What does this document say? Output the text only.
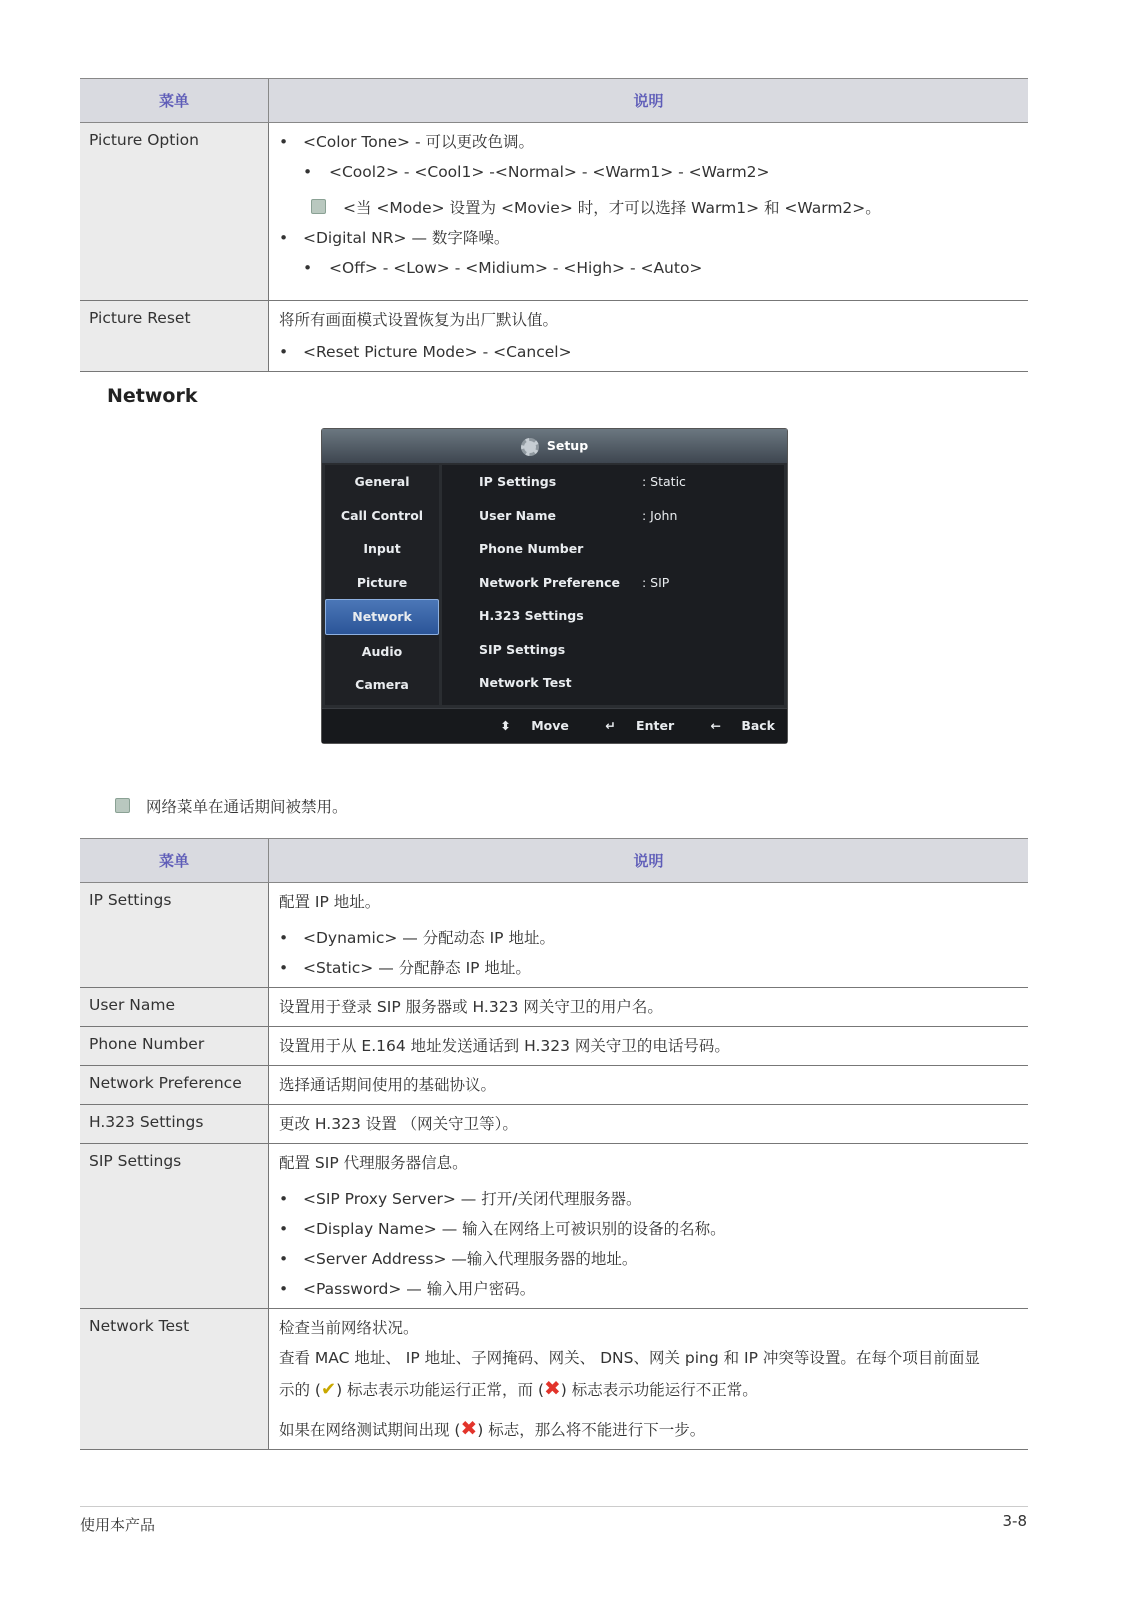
菜单	说明
Picture Option	• <Color Tone> - 可以更改色调。
• <Cool2> - <Cool1> -<Normal> - <Warm1> - <Warm2>
<当 <Mode> 设置为 <Movie> 时，才可以选择 Warm1> 和 <Warm2>。
• <Digital NR> — 数字降噪。
• <Off> - <Low> - <Midium> - <High> - <Auto>

Picture Reset	将所有画面模式设置恢复为出厂默认值。
• <Reset Picture Mode> - <Cancel>
Network
Setup
General
Call Control
Input
Picture
Network
Audio
Camera
IP Settings	: Static
User Name	: John
Phone Number
Network Preference : SIP
H.323 Settings
SIP Settings
Network Test
⬍ Move	↵ Enter	← Back
网络菜单在通话期间被禁用。
菜单	说明
IP Settings	配置 IP 地址。
• <Dynamic> — 分配动态 IP 地址。
• <Static> — 分配静态 IP 地址。

User Name	设置用于登录 SIP 服务器或 H.323 网关守卫的用户名。

Phone Number	设置用于从 E.164 地址发送通话到 H.323 网关守卫的电话号码。

Network Preference	选择通话期间使用的基础协议。

H.323 Settings	更改 H.323 设置 （网关守卫等）。

SIP Settings	配置 SIP 代理服务器信息。
• <SIP Proxy Server> — 打开/关闭代理服务器。
• <Display Name> — 输入在网络上可被识别的设备的名称。
• <Server Address> —输入代理服务器的地址。
• <Password> — 输入用户密码。

Network Test	检查当前网络状况。
查看 MAC 地址、 IP 地址、子网掩码、网关、 DNS、网关 ping 和 IP 冲突等设置。在每个项目前面显
示的 (✔) 标志表示功能运行正常，而 (✖) 标志表示功能运行不正常。
如果在网络测试期间出现 (✖) 标志，那么将不能进行下一步。
使用本产品	3-8
